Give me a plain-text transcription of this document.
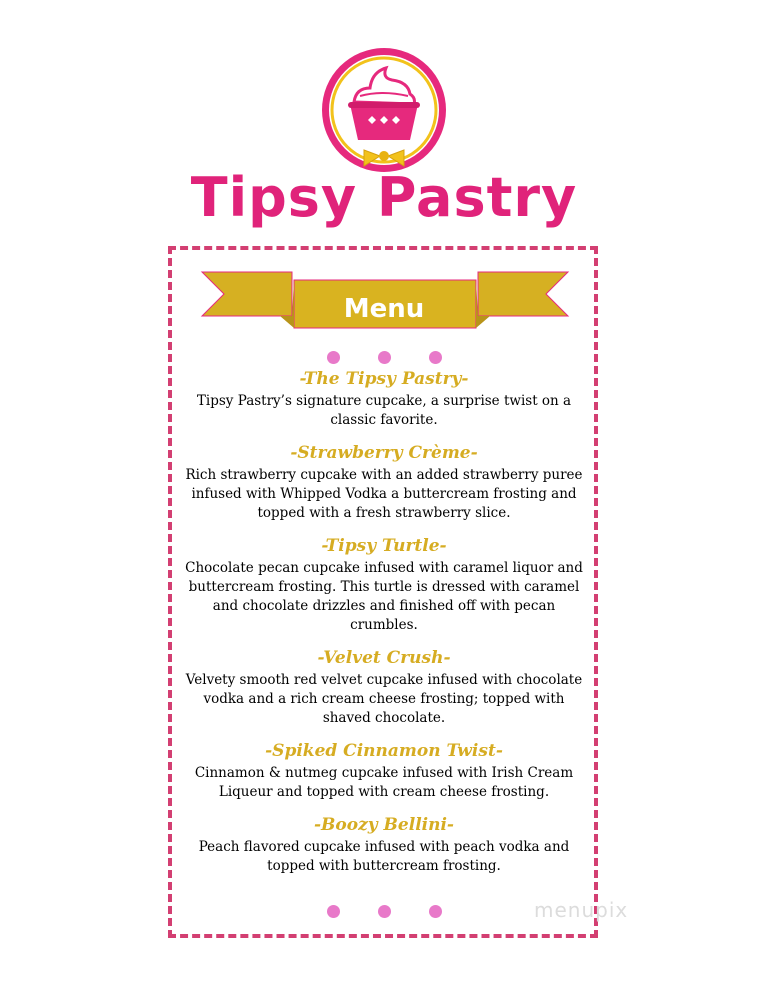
Tipsy Pastry
Menu
-The Tipsy Pastry-
Tipsy Pastry’s signature cupcake, a surprise twist on a classic favorite.
-Strawberry Crème-
Rich strawberry cupcake with an added strawberry puree infused with Whipped Vodka a buttercream frosting and topped with a fresh strawberry slice.
-Tipsy Turtle-
Chocolate pecan cupcake infused with caramel liquor and buttercream frosting. This turtle is dressed with caramel and chocolate drizzles and finished off with pecan crumbles.
-Velvet Crush-
Velvety smooth red velvet cupcake infused with chocolate vodka and a rich cream cheese frosting; topped with shaved chocolate.
-Spiked Cinnamon Twist-
Cinnamon & nutmeg cupcake infused with Irish Cream Liqueur and topped with cream cheese frosting.
-Boozy Bellini-
Peach flavored cupcake infused with peach vodka and topped with buttercream frosting.
menupix
